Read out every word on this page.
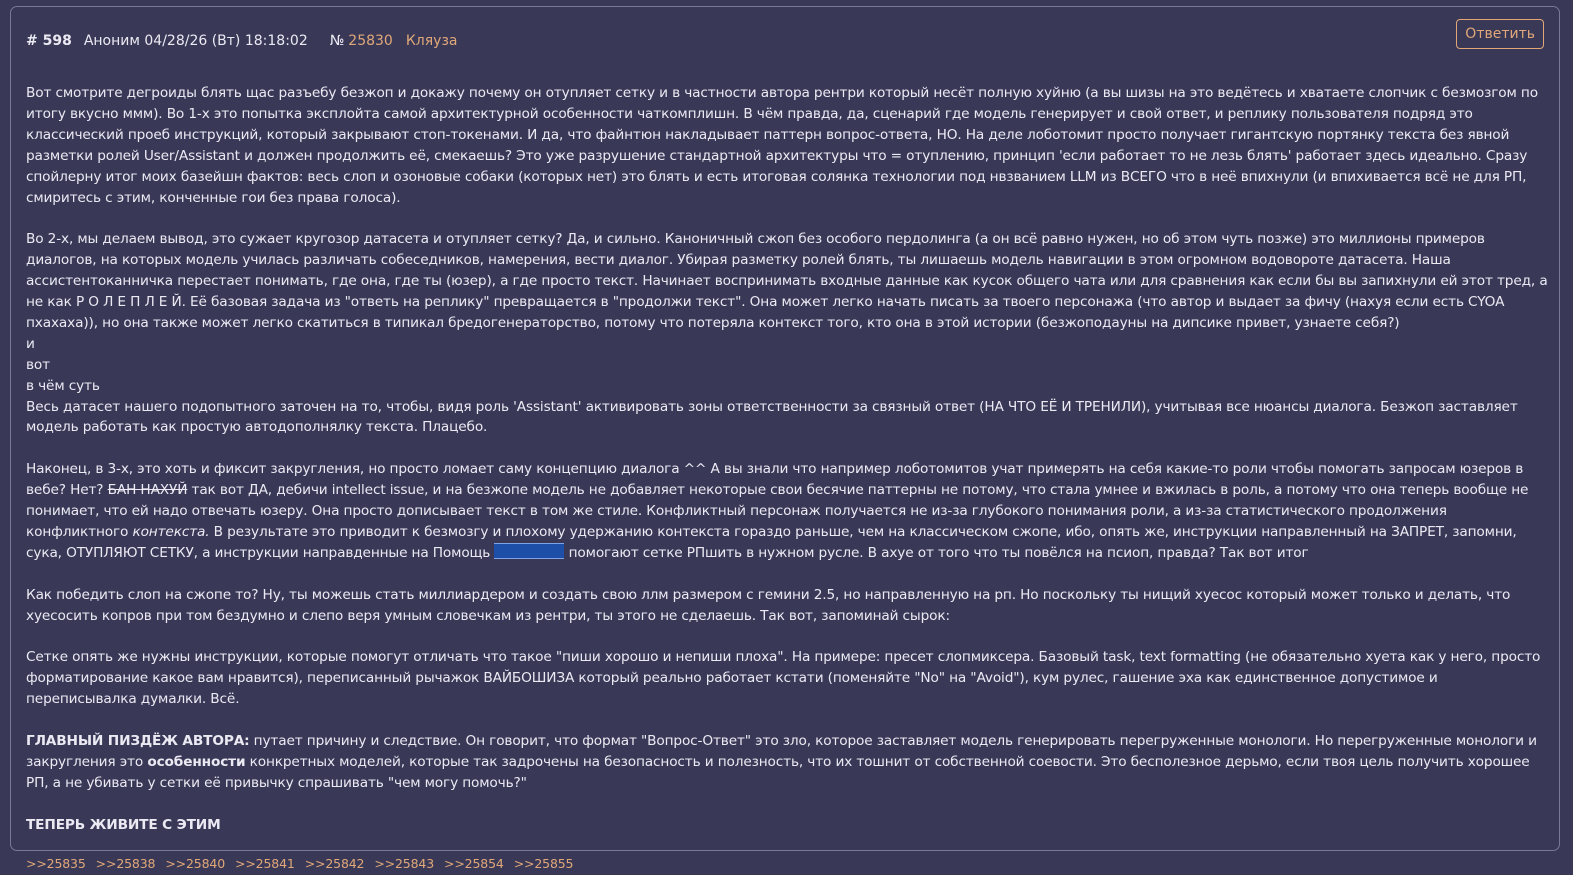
# 598 Аноним 04/28/26 (Вт) 18:18:02 № 25830 Кляуза	Ответить

Вот смотрите дегроиды блять щас разъебу безжоп и докажу почему он отупляет сетку и в частности автора рентри который несёт полную хуйню (а вы шизы на это ведётесь и хватаете слопчик с безмозгом по итогу вкусно ммм). Во 1-х это попытка эксплойта самой архитектурной особенности чаткомплишн. В чём правда, да, сценарий где модель генерирует и свой ответ, и реплику пользователя подряд это классический проеб инструкций, который закрывают стоп-токенами. И да, что файнтюн накладывает паттерн вопрос-ответа, НО. На деле лоботомит просто получает гигантскую портянку текста без явной разметки ролей User/Assistant и должен продолжить её, смекаешь? Это уже разрушение стандартной архитектуры что = отуплению, принцип 'если работает то не лезь блять' работает здесь идеально. Сразу спойлерну итог моих базейшн фактов: весь слоп и озоновые собаки (которых нет) это блять и есть итоговая солянка технологии под нвзванием LLM из ВСЕГО что в неё впихнули (и впихивается всё не для РП, смиритесь с этим, конченные гои без права голоса).

Во 2-х, мы делаем вывод, это сужает кругозор датасета и отупляет сетку? Да, и сильно. Каноничный сжоп без особого пердолинга (а он всё равно нужен, но об этом чуть позже) это миллионы примеров диалогов, на которых модель училась различать собеседников, намерения, вести диалог. Убирая разметку ролей блять, ты лишаешь модель навигации в этом огромном водовороте датасета. Наша ассистентоканничка перестает понимать, где она, где ты (юзер), а где просто текст. Начинает воспринимать входные данные как кусок общего чата или для сравнения как если бы вы запихнули ей этот тред, а не как Р О Л Е П Л Е Й. Её базовая задача из "ответь на реплику" превращается в "продолжи текст". Она может легко начать писать за твоего персонажа (что автор и выдает за фичу (нахуя если есть CYOA пхахаха)), но она также может легко скатиться в типикал бредогенераторство, потому что потеряла контекст того, кто она в этой истории (безжоподауны на дипсике привет, узнаете себя?)

и

вот

в чём суть

Весь датасет нашего подопытного заточен на то, чтобы, видя роль 'Assistant' активировать зоны ответственности за связный ответ (НА ЧТО ЕЁ И ТРЕНИЛИ), учитывая все нюансы диалога. Безжоп заставляет модель работать как простую автодополнялку текста. Плацебо.

Наконец, в 3-х, это хоть и фиксит закругления, но просто ломает саму концепцию диалога ^^ А вы знали что например лоботомитов учат примерять на себя какие-то роли чтобы помогать запросам юзеров в вебе? Нет? БАН НАХУЙ так вот ДА, дебичи intellect issue, и на безжопе модель не добавляет некоторые свои бесячие паттерны не потому, что стала умнее и вжилась в роль, а потому что она теперь вообще не понимает, что ей надо отвечать юзеру. Она просто дописывает текст в том же стиле. Конфликтный персонаж получается не из-за глубокого понимания роли, а из-за статистического продолжения конфликтного контекста. В результате это приводит к безмозгу и плохому удержанию контекста гораздо раньше, чем на классическом сжопе, ибо, опять же, инструкции направленный на ЗАПРЕТ, запомни, сука, ОТУПЛЯЮТ СЕТКУ, а инструкции направденные на Помощь	помогают сетке РПшить в нужном русле. В ахуе от того что ты повёлся на псиоп, правда? Так вот итог

Как победить слоп на сжопе то? Ну, ты можешь стать миллиардером и создать свою ллм размером с гемини 2.5, но направленную на рп. Но поскольку ты нищий хуесос который может только и делать, что хуесосить копров при том бездумно и слепо веря умным словечкам из рентри, ты этого не сделаешь. Так вот, запоминай сырок:

Сетке опять же нужны инструкции, которые помогут отличать что такое "пиши хорошо и непиши плоха". На примере: пресет слопмиксера. Базовый task, text formatting (не обязательно хуета как у него, просто форматирование какое вам нравится), переписанный рычажок ВАЙБОШИЗА который реально работает кстати (поменяйте "No" на "Avoid"), кум рулес, гашение эха как единственное допустимое и переписывалка думалки. Всё.

ГЛАВНЫЙ ПИЗДЁЖ АВТОРА: путает причину и следствие. Он говорит, что формат "Вопрос-Ответ" это зло, которое заставляет модель генерировать перегруженные монологи. Но перегруженные монологи и закругления это особенности конкретных моделей, которые так задрочены на безопасность и полезность, что их тошнит от собственной соевости. Это бесполезное дерьмо, если твоя цель получить хорошее РП, а не убивать у сетки её привычку спрашивать "чем могу помочь?"

ТЕПЕРЬ ЖИВИТЕ С ЭТИМ

>>25835 >>25838 >>25840 >>25841 >>25842 >>25843 >>25854 >>25855
